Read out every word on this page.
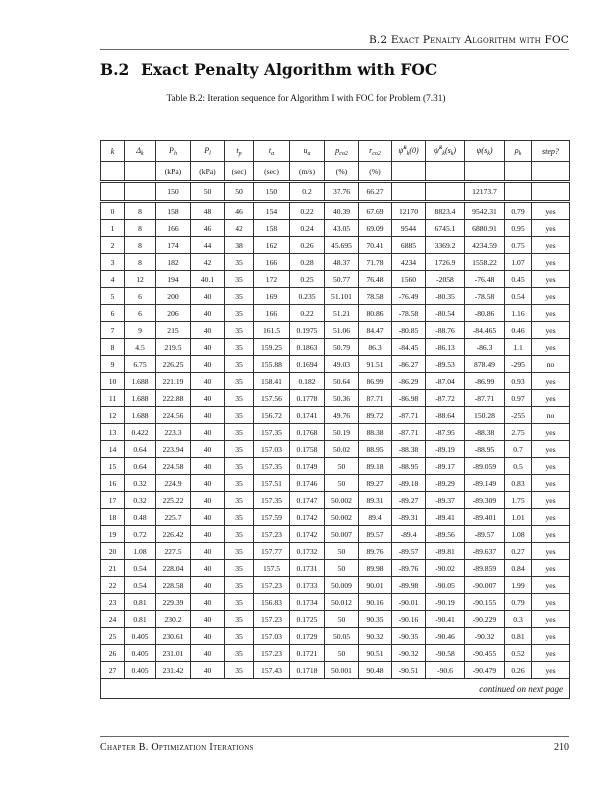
B.2 Exact Penalty Algorithm with FOC
B.2 Exact Penalty Algorithm with FOC
Table B.2: Iteration sequence for Algorithm I with FOC for Problem (7.31)
k	$\Delta_k$	$P_h$	$P_l$	$t_p$	$t_a$	$u_a$	$p_{co2}$	$r_{co2}$	ψ̃$^R_k$(0)	$\psĩ^R_k(s_k)$	$\psi(s_k)$	$\rho_k$	step?
		(kPa)	(kPa)	(sec)	(sec)	(m/s)	(%)	(%)					
		150	50	50	150	0.2	37.76	66.27			12173.7		
0	8	158	48	46	154	0.22	40.39	67.69	12170	8823.4	9542.31	0.79	yes
1	8	166	46	42	158	0.24	43.05	69.09	9544	6745.1	6880.91	0.95	yes
2	8	174	44	38	162	0.26	45.695	70.41	6885	3369.2	4234.59	0.75	yes
3	8	182	42	35	166	0.28	48.37	71.78	4234	1726.9	1558.22	1.07	yes
4	12	194	40.1	35	172	0.25	50.77	76.48	1560	-2058	-76.48	0.45	yes
5	6	200	40	35	169	0.235	51.101	78.58	-76.49	-80.35	-78.58	0.54	yes
6	6	206	40	35	166	0.22	51.21	80.86	-78.58	-80.54	-80.86	1.16	yes
7	9	215	40	35	161.5	0.1975	51.06	84.47	-80.85	-88.76	-84.465	0.46	yes
8	4.5	219.5	40	35	159.25	0.1863	50.79	86.3	-84.45	-86.13	-86.3	1.1	yes
9	6.75	226.25	40	35	155.88	0.1694	49.03	91.51	-86.27	-89.53	878.49	-295	no
10	1.688	221.19	40	35	158.41	0.182	50.64	86.99	-86.29	-87.04	-86.99	0.93	yes
11	1.688	222.88	40	35	157.56	0.1778	50.36	87.71	-86.98	-87.72	-87.71	0.97	yes
12	1.688	224.56	40	35	156.72	0.1741	49.76	89.72	-87.71	-88.64	150.28	-255	no
13	0.422	223.3	40	35	157.35	0.1768	50.19	88.38	-87.71	-87.95	-88.38	2.75	yes
14	0.64	223.94	40	35	157.03	0.1758	50.02	88.95	-88.38	-89.19	-88.95	0.7	yes
15	0.64	224.58	40	35	157.35	0.1749	50	89.18	-88.95	-89.17	-89.059	0.5	yes
16	0.32	224.9	40	35	157.51	0.1746	50	89.27	-89.18	-89.29	-89.149	0.83	yes
17	0.32	225.22	40	35	157.35	0.1747	50.002	89.31	-89.27	-89.37	-89.309	1.75	yes
18	0.48	225.7	40	35	157.59	0.1742	50.002	89.4	-89.31	-89.41	-89.401	1.01	yes
19	0.72	226.42	40	35	157.23	0.1742	50.007	89.57	-89.4	-89.56	-89.57	1.08	yes
20	1.08	227.5	40	35	157.77	0.1732	50	89.76	-89.57	-89.81	-89.637	0.27	yes
21	0.54	228.04	40	35	157.5	0.1731	50	89.98	-89.76	-90.02	-89.859	0.84	yes
22	0.54	228.58	40	35	157.23	0.1733	50.009	90.01	-89.98	-90.05	-90.007	1.99	yes
23	0.81	229.39	40	35	156.83	0.1734	50.012	90.16	-90.01	-90.19	-90.155	0.79	yes
24	0.81	230.2	40	35	157.23	0.1725	50	90.35	-90.16	-90.41	-90.229	0.3	yes
25	0.405	230.61	40	35	157.03	0.1729	50.05	90.32	-90.35	-90.46	-90.32	0.81	yes
26	0.405	231.01	40	35	157.23	0.1721	50	90.51	-90.32	-90.58	-90.455	0.52	yes
27	0.405	231.42	40	35	157.43	0.1718	50.001	90.48	-90.51	-90.6	-90.479	0.26	yes
continued on next page													
Chapter B. Optimization Iterations	210
